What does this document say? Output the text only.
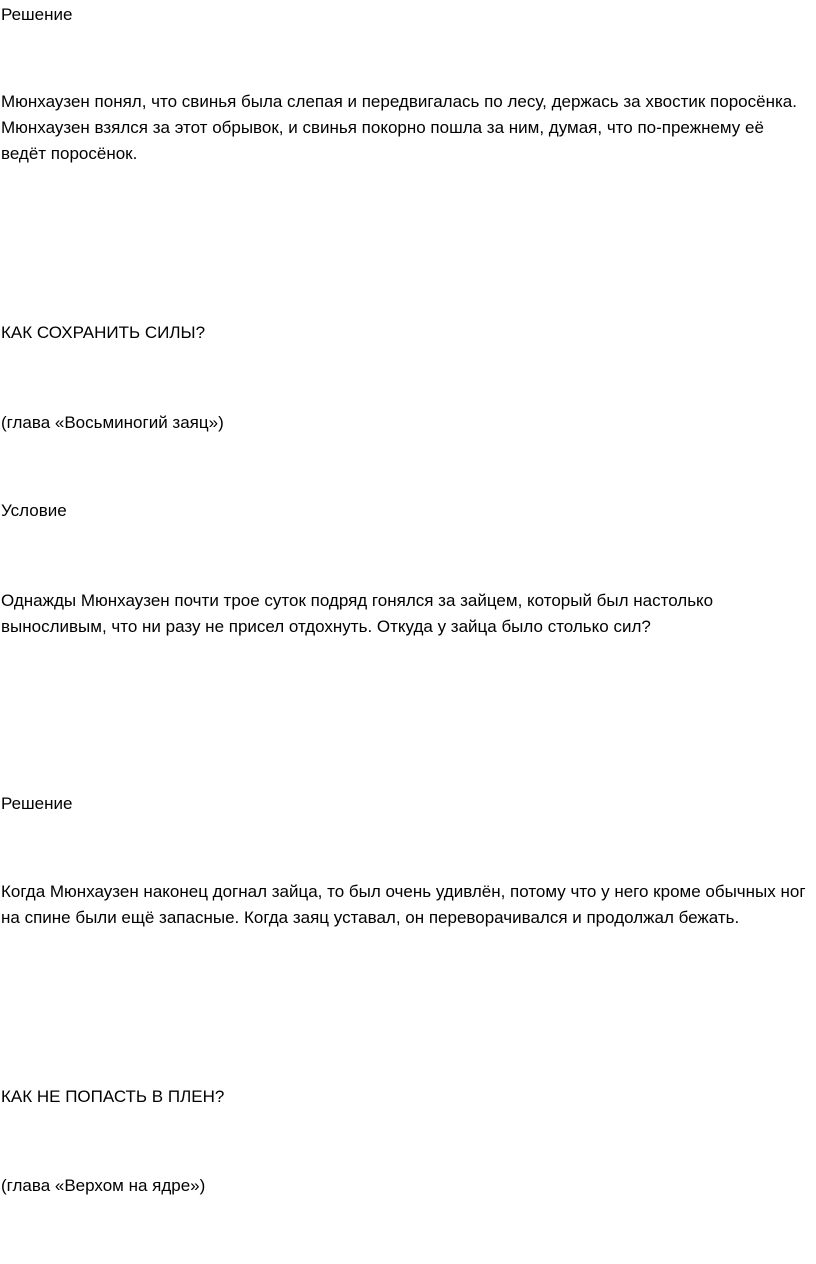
Решение

Мюнхаузен понял, что свинья была слепая и передвигалась по лесу, держась за хвостик поросёнка. Мюнхаузен взялся за этот обрывок, и свинья покорно пошла за ним, думая, что по-прежнему её ведёт поросёнок.

КАК СОХРАНИТЬ СИЛЫ?

(глава «Восьминогий заяц»)

Условие

Однажды Мюнхаузен почти трое суток подряд гонялся за зайцем, который был настолько выносливым, что ни разу не присел отдохнуть. Откуда у зайца было столько сил?

Решение

Когда Мюнхаузен наконец догнал зайца, то был очень удивлён, потому что у него кроме обычных ног на спине были ещё запасные. Когда заяц уставал, он переворачивался и продолжал бежать.

КАК НЕ ПОПАСТЬ В ПЛЕН?

(глава «Верхом на ядре»)
